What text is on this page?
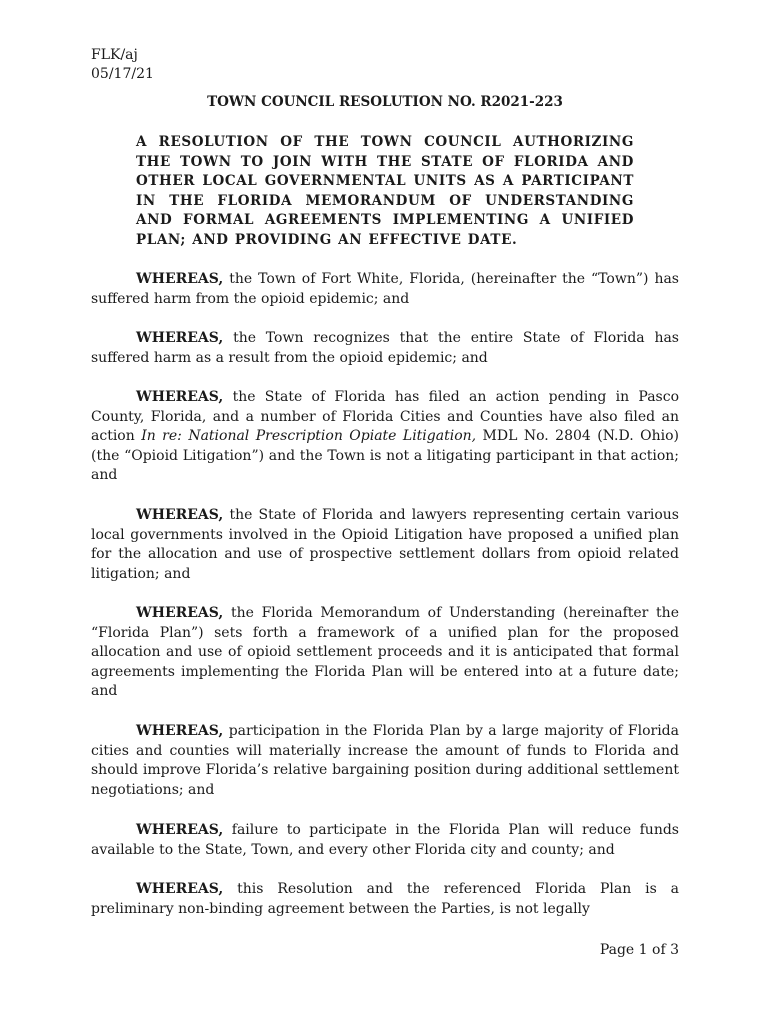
FLK/aj
05/17/21
TOWN COUNCIL RESOLUTION NO. R2021-223
A RESOLUTION OF THE TOWN COUNCIL AUTHORIZING THE TOWN TO JOIN WITH THE STATE OF FLORIDA AND OTHER LOCAL GOVERNMENTAL UNITS AS A PARTICIPANT IN THE FLORIDA MEMORANDUM OF UNDERSTANDING AND FORMAL AGREEMENTS IMPLEMENTING A UNIFIED PLAN; AND PROVIDING AN EFFECTIVE DATE.

WHEREAS, the Town of Fort White, Florida, (hereinafter the “Town”) has suffered harm from the opioid epidemic; and

WHEREAS, the Town recognizes that the entire State of Florida has suffered harm as a result from the opioid epidemic; and

WHEREAS, the State of Florida has filed an action pending in Pasco County, Florida, and a number of Florida Cities and Counties have also filed an action In re: National Prescription Opiate Litigation, MDL No. 2804 (N.D. Ohio) (the “Opioid Litigation”) and the Town is not a litigating participant in that action; and

WHEREAS, the State of Florida and lawyers representing certain various local governments involved in the Opioid Litigation have proposed a unified plan for the allocation and use of prospective settlement dollars from opioid related litigation; and

WHEREAS, the Florida Memorandum of Understanding (hereinafter the “Florida Plan”) sets forth a framework of a unified plan for the proposed allocation and use of opioid settlement proceeds and it is anticipated that formal agreements implementing the Florida Plan will be entered into at a future date; and

WHEREAS, participation in the Florida Plan by a large majority of Florida cities and counties will materially increase the amount of funds to Florida and should improve Florida’s relative bargaining position during additional settlement negotiations; and

WHEREAS, failure to participate in the Florida Plan will reduce funds available to the State, Town, and every other Florida city and county; and

WHEREAS, this Resolution and the referenced Florida Plan is a preliminary non-binding agreement between the Parties, is not legally

Page 1 of 3
